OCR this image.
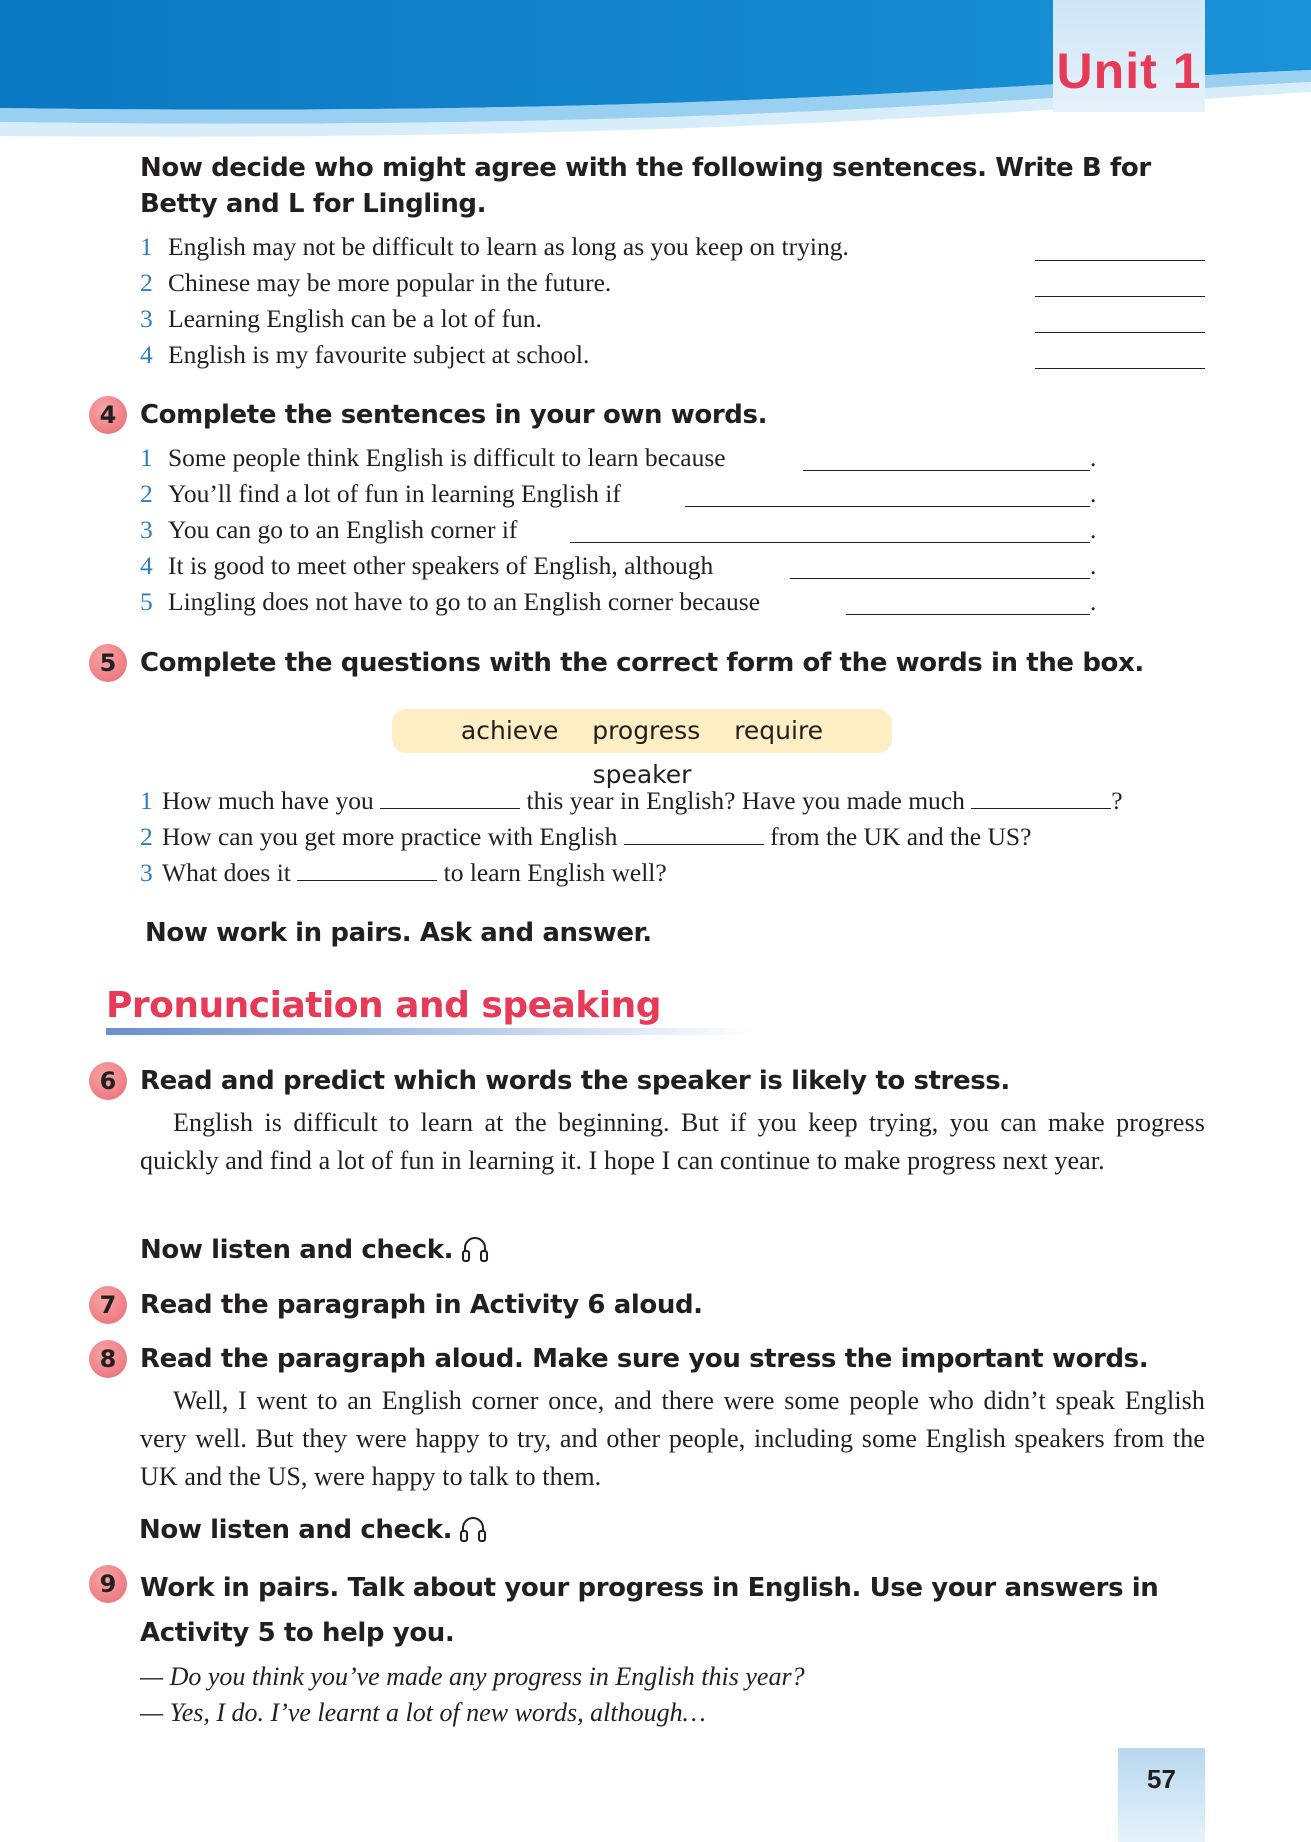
Unit 1
Now decide who might agree with the following sentences. Write B for Betty and L for Lingling.
1 English may not be difficult to learn as long as you keep on trying.
2 Chinese may be more popular in the future.
3 Learning English can be a lot of fun.
4 English is my favourite subject at school.
4 Complete the sentences in your own words.
1 Some people think English is difficult to learn because	.
2 You’ll find a lot of fun in learning English if	.
3 You can go to an English corner if	.
4 It is good to meet other speakers of English, although	.
5 Lingling does not have to go to an English corner because	.
5 Complete the questions with the correct form of the words in the box.
achieve progress require speaker
1 How much have you	this year in English? Have you made much	?
2 How can you get more practice with English	from the UK and the US?
3 What does it	to learn English well?
Now work in pairs. Ask and answer.
Pronunciation and speaking
6 Read and predict which words the speaker is likely to stress.
English is difficult to learn at the beginning. But if you keep trying, you can make progress quickly and find a lot of fun in learning it. I hope I can continue to make progress next year.
Now listen and check.
7 Read the paragraph in Activity 6 aloud.
8 Read the paragraph aloud. Make sure you stress the important words.
Well, I went to an English corner once, and there were some people who didn’t speak English very well. But they were happy to try, and other people, including some English speakers from the UK and the US, were happy to talk to them.
Now listen and check.
9 Work in pairs. Talk about your progress in English. Use your answers in Activity 5 to help you.
— Do you think you’ve made any progress in English this year?
— Yes, I do. I’ve learnt a lot of new words, although…
57
